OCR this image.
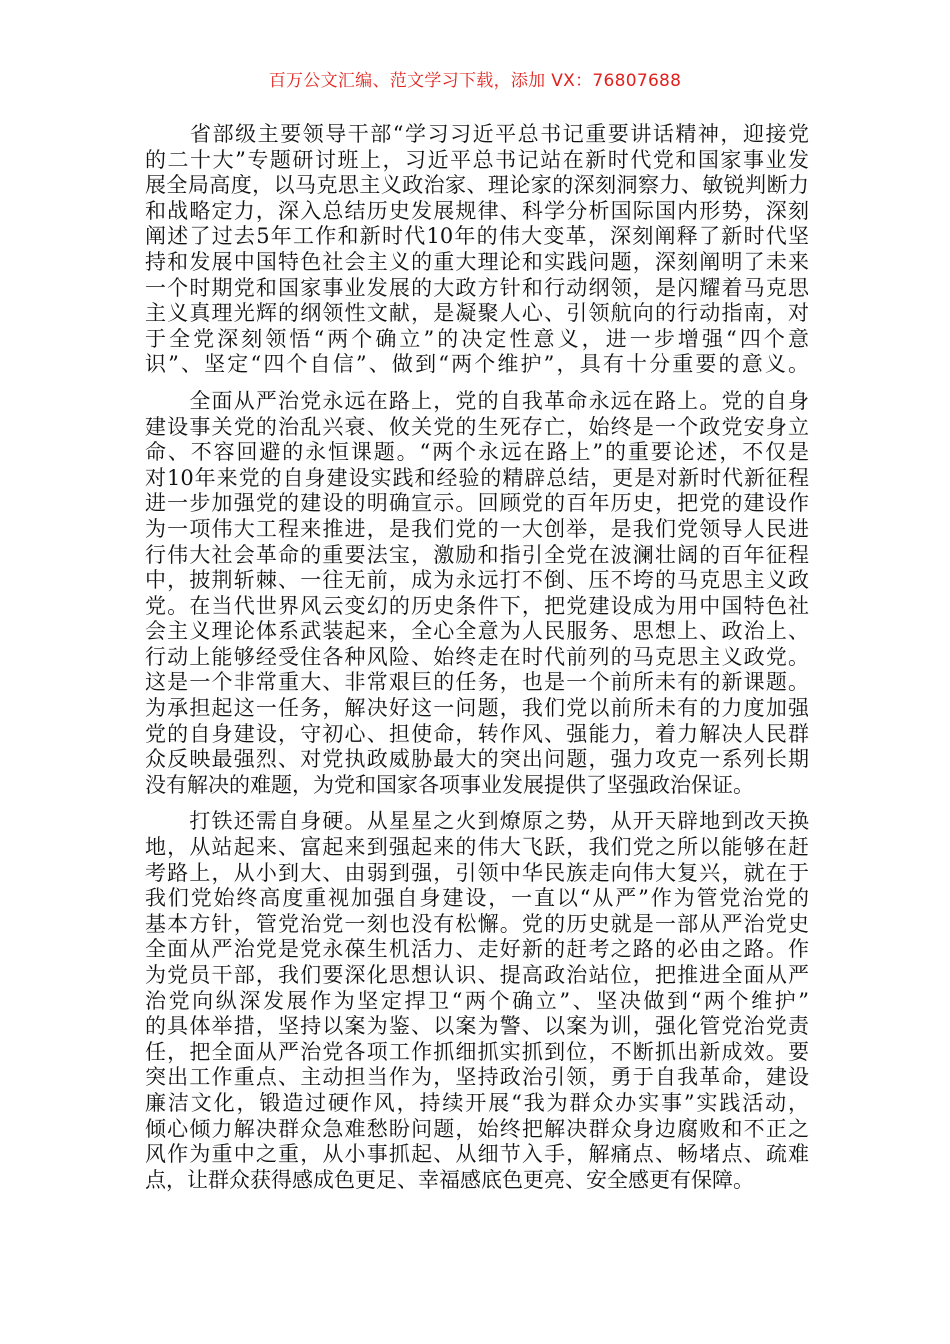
百万公文汇编、范文学习下载，添加 VX：76807688
　　省部级主要领导干部“学习习近平总书记重要讲话精神，迎接党
的二十大”专题研讨班上，习近平总书记站在新时代党和国家事业发
展全局高度，以马克思主义政治家、理论家的深刻洞察力、敏锐判断力
和战略定力，深入总结历史发展规律、科学分析国际国内形势，深刻
阐述了过去5年工作和新时代10年的伟大变革，深刻阐释了新时代坚
持和发展中国特色社会主义的重大理论和实践问题，深刻阐明了未来
一个时期党和国家事业发展的大政方针和行动纲领，是闪耀着马克思
主义真理光辉的纲领性文献，是凝聚人心、引领航向的行动指南，对
于全党深刻领悟“两个确立”的决定性意义，进一步增强“四个意
识”、坚定“四个自信”、做到“两个维护”，具有十分重要的意义。
　　全面从严治党永远在路上，党的自我革命永远在路上。党的自身
建设事关党的治乱兴衰、攸关党的生死存亡，始终是一个政党安身立
命、不容回避的永恒课题。“两个永远在路上”的重要论述，不仅是
对10年来党的自身建设实践和经验的精辟总结，更是对新时代新征程
进一步加强党的建设的明确宣示。回顾党的百年历史，把党的建设作
为一项伟大工程来推进，是我们党的一大创举，是我们党领导人民进
行伟大社会革命的重要法宝，激励和指引全党在波澜壮阔的百年征程
中，披荆斩棘、一往无前，成为永远打不倒、压不垮的马克思主义政
党。在当代世界风云变幻的历史条件下，把党建设成为用中国特色社
会主义理论体系武装起来，全心全意为人民服务、思想上、政治上、
行动上能够经受住各种风险、始终走在时代前列的马克思主义政党。
这是一个非常重大、非常艰巨的任务，也是一个前所未有的新课题。
为承担起这一任务，解决好这一问题，我们党以前所未有的力度加强
党的自身建设，守初心、担使命，转作风、强能力，着力解决人民群
众反映最强烈、对党执政威胁最大的突出问题，强力攻克一系列长期
没有解决的难题，为党和国家各项事业发展提供了坚强政治保证。
　　打铁还需自身硬。从星星之火到燎原之势，从开天辟地到改天换
地，从站起来、富起来到强起来的伟大飞跃，我们党之所以能够在赶
考路上，从小到大、由弱到强，引领中华民族走向伟大复兴，就在于
我们党始终高度重视加强自身建设，一直以“从严”作为管党治党的
基本方针，管党治党一刻也没有松懈。党的历史就是一部从严治党史
全面从严治党是党永葆生机活力、走好新的赶考之路的必由之路。作
为党员干部，我们要深化思想认识、提高政治站位，把推进全面从严
治党向纵深发展作为坚定捍卫“两个确立”、坚决做到“两个维护”
的具体举措，坚持以案为鉴、以案为警、以案为训，强化管党治党责
任，把全面从严治党各项工作抓细抓实抓到位，不断抓出新成效。要
突出工作重点、主动担当作为，坚持政治引领，勇于自我革命，建设
廉洁文化，锻造过硬作风，持续开展“我为群众办实事”实践活动，
倾心倾力解决群众急难愁盼问题，始终把解决群众身边腐败和不正之
风作为重中之重，从小事抓起、从细节入手，解痛点、畅堵点、疏难
点，让群众获得感成色更足、幸福感底色更亮、安全感更有保障。
